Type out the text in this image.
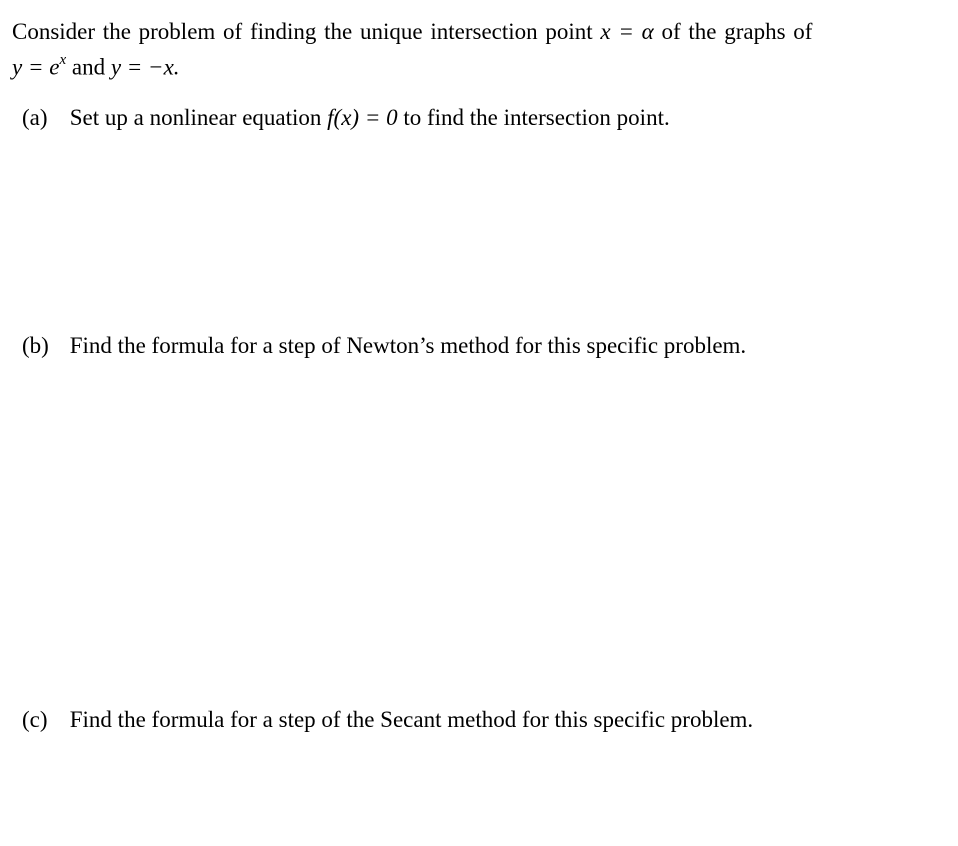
Consider the problem of finding the unique intersection point x = α of the graphs of
$y = e^x$ and y = −x.
(a) Set up a nonlinear equation f(x) = 0 to find the intersection point.
(b) Find the formula for a step of Newton’s method for this specific problem.
(c) Find the formula for a step of the Secant method for this specific problem.
